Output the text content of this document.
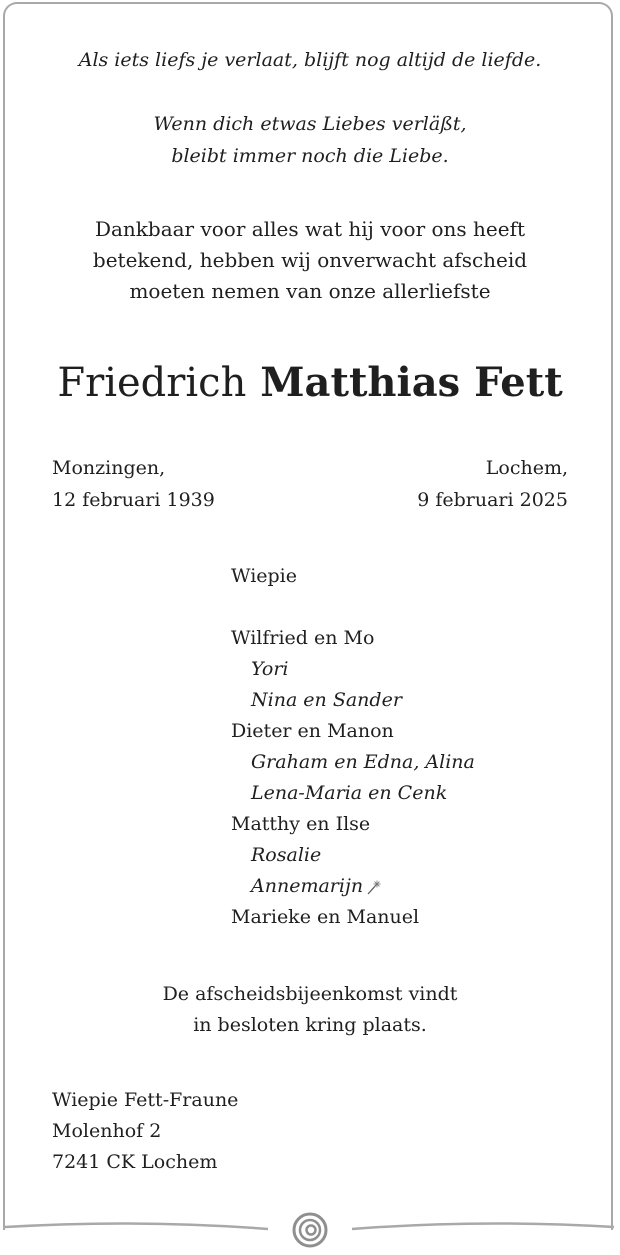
Als iets liefs je verlaat, blijft nog altijd de liefde.

Wenn dich etwas Liebes verläßt,

bleibt immer noch die Liebe.

Dankbaar voor alles wat hij voor ons heeft
betekend, hebben wij onverwacht afscheid
moeten nemen van onze allerliefste

Friedrich Matthias Fett

Monzingen,
12 februari 1939

Lochem,
9 februari 2025

Wiepie
Wilfried en Mo
Yori
Nina en Sander
Dieter en Manon
Graham en Edna, Alina
Lena-Maria en Cenk
Matthy en Ilse
Rosalie
Annemarijn
Marieke en Manuel

De afscheidsbijeenkomst vindt
in besloten kring plaats.

Wiepie Fett-Fraune
Molenhof 2
7241 CK Lochem
